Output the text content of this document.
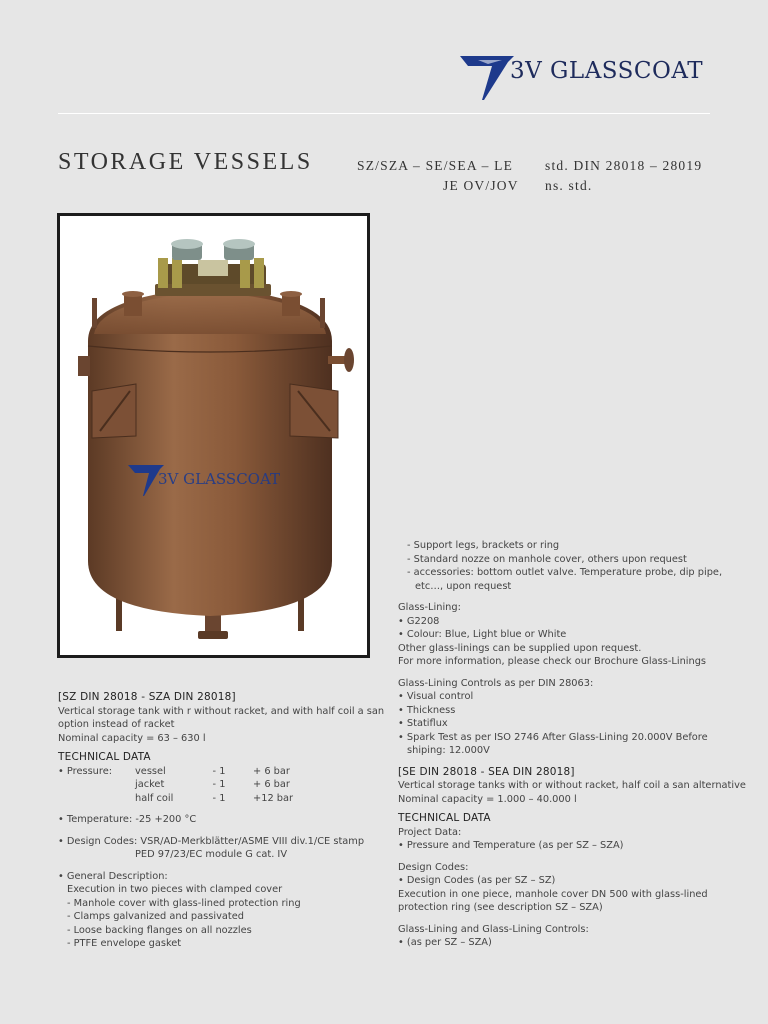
3V GLASSCOAT
STORAGE VESSELS	SZ/SZA – SE/SEA – LE
JE OV/JOV
std. DIN 28018 – 28019
ns. std.
3V GLASSCOAT

[SZ DIN 28018 - SZA DIN 28018]

Vertical storage tank with r without racket, and with half coil a san

option instead of racket

Nominal capacity = 63 – 630 l

TECHNICAL DATA

• Pressure:	vessel	- 1	+ 6 bar
jacket	- 1	+ 6 bar
half coil	- 1	+12 bar

• Temperature: -25 +200 °C

• Design Codes: VSR/AD-Merkblätter/ASME VIII div.1/CE stamp

PED 97/23/EC module G cat. IV

• General Description:

Execution in two pieces with clamped cover

- Manhole cover with glass-lined protection ring

- Clamps galvanized and passivated

- Loose backing flanges on all nozzles

- PTFE envelope gasket

- Support legs, brackets or ring

- Standard nozze on manhole cover, others upon request

- accessories: bottom outlet valve. Temperature probe, dip pipe,

etc…, upon request

Glass-Lining:

• G2208

• Colour: Blue, Light blue or White

Other glass-linings can be supplied upon request.

For more information, please check our Brochure Glass-Linings

Glass-Lining Controls as per DIN 28063:

• Visual control

• Thickness

• Statiflux

• Spark Test as per ISO 2746 After Glass-Lining 20.000V Before

shiping: 12.000V

[SE DIN 28018 - SEA DIN 28018]

Vertical storage tanks with or without racket, half coil a san alternative

Nominal capacity = 1.000 – 40.000 l

TECHNICAL DATA

Project Data:

• Pressure and Temperature (as per SZ – SZA)

Design Codes:

• Design Codes (as per SZ – SZ)

Execution in one piece, manhole cover DN 500 with glass-lined

protection ring (see description SZ – SZA)

Glass-Lining and Glass-Lining Controls:

• (as per SZ – SZA)
